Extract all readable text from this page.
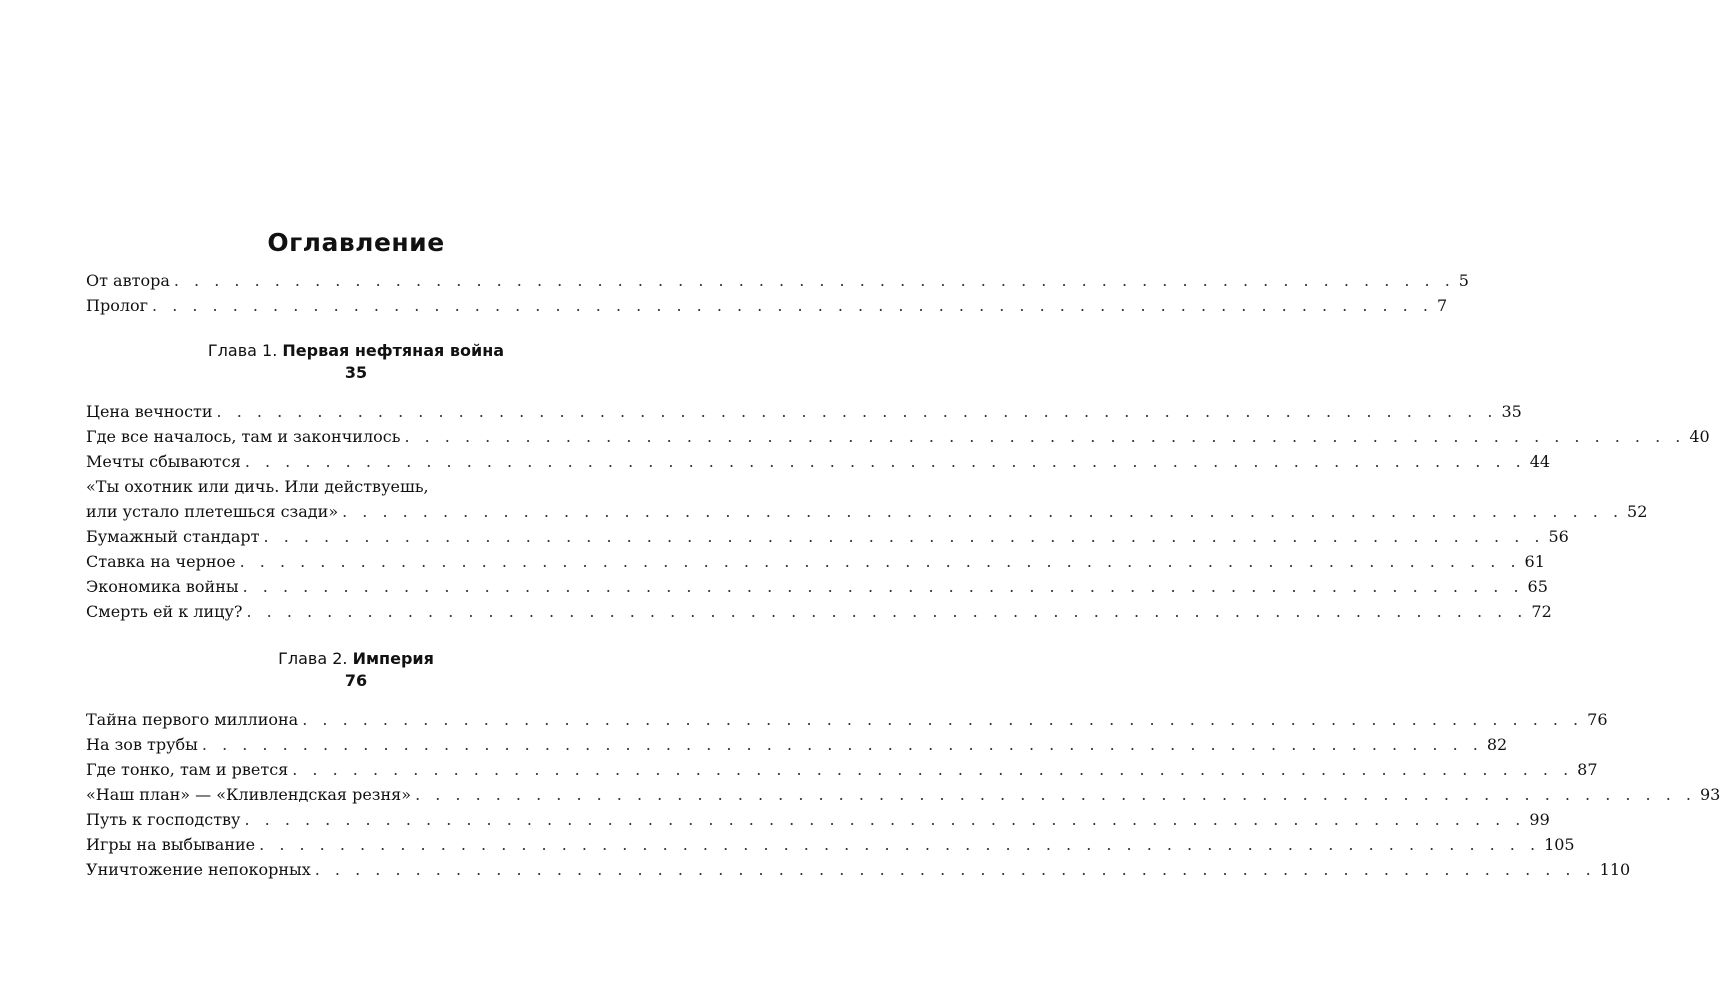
Оглавление
От автора . . . . . . . . . . . . . . . . . . . . . . . . . . . . . . . . . . . . . . . . . . . . . . . . . . . . . . . . . . . . . . . . 5
Пролог . . . . . . . . . . . . . . . . . . . . . . . . . . . . . . . . . . . . . . . . . . . . . . . . . . . . . . . . . . . . . . . . 7
Глава 1. Первая нефтяная война
35
Цена вечности . . . . . . . . . . . . . . . . . . . . . . . . . . . . . . . . . . . . . . . . . . . . . . . . . . . . . . . . . . . . . . . . 35
Где все началось, там и закончилось . . . . . . . . . . . . . . . . . . . . . . . . . . . . . . . . . . . . . . . . . . . . . . . . . . . . . . . . . . . . . . . . 40
Мечты сбываются . . . . . . . . . . . . . . . . . . . . . . . . . . . . . . . . . . . . . . . . . . . . . . . . . . . . . . . . . . . . . . . . 44
«Ты охотник или дичь. Или действуешь,
или устало плетешься сзади» . . . . . . . . . . . . . . . . . . . . . . . . . . . . . . . . . . . . . . . . . . . . . . . . . . . . . . . . . . . . . . . . 52
Бумажный стандарт . . . . . . . . . . . . . . . . . . . . . . . . . . . . . . . . . . . . . . . . . . . . . . . . . . . . . . . . . . . . . . . . 56
Ставка на черное . . . . . . . . . . . . . . . . . . . . . . . . . . . . . . . . . . . . . . . . . . . . . . . . . . . . . . . . . . . . . . . . 61
Экономика войны . . . . . . . . . . . . . . . . . . . . . . . . . . . . . . . . . . . . . . . . . . . . . . . . . . . . . . . . . . . . . . . . 65
Смерть ей к лицу? . . . . . . . . . . . . . . . . . . . . . . . . . . . . . . . . . . . . . . . . . . . . . . . . . . . . . . . . . . . . . . . . 72
Глава 2. Империя
76
Тайна первого миллиона . . . . . . . . . . . . . . . . . . . . . . . . . . . . . . . . . . . . . . . . . . . . . . . . . . . . . . . . . . . . . . . . 76
На зов трубы . . . . . . . . . . . . . . . . . . . . . . . . . . . . . . . . . . . . . . . . . . . . . . . . . . . . . . . . . . . . . . . . 82
Где тонко, там и рвется . . . . . . . . . . . . . . . . . . . . . . . . . . . . . . . . . . . . . . . . . . . . . . . . . . . . . . . . . . . . . . . . 87
«Наш план» — «Кливлендская резня» . . . . . . . . . . . . . . . . . . . . . . . . . . . . . . . . . . . . . . . . . . . . . . . . . . . . . . . . . . . . . . . . 93
Путь к господству . . . . . . . . . . . . . . . . . . . . . . . . . . . . . . . . . . . . . . . . . . . . . . . . . . . . . . . . . . . . . . . . 99
Игры на выбывание . . . . . . . . . . . . . . . . . . . . . . . . . . . . . . . . . . . . . . . . . . . . . . . . . . . . . . . . . . . . . . . . 105
Уничтожение непокорных . . . . . . . . . . . . . . . . . . . . . . . . . . . . . . . . . . . . . . . . . . . . . . . . . . . . . . . . . . . . . . . . 110
